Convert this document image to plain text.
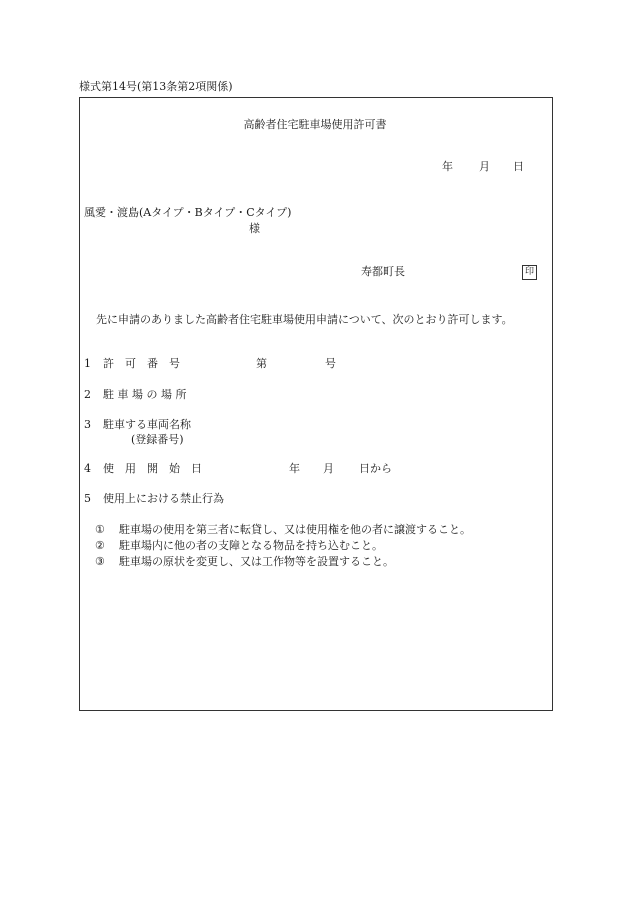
様式第14号(第13条第2項関係)
高齢者住宅駐車場使用許可書
年 月 日
風愛・渡島(Aタイプ・Bタイプ・Cタイプ)
様
寿都町長	印
先に申請のありました高齢者住宅駐車場使用申請について、次のとおり許可します。
1 許　可　番　号	第	号
2 駐 車 場 の 場 所
3 駐車する車両名称
(登録番号)
4 使　用　開　始　日	年 月 日から
5 使用上における禁止行為
① 駐車場の使用を第三者に転貸し、又は使用権を他の者に譲渡すること。
② 駐車場内に他の者の支障となる物品を持ち込むこと。
③ 駐車場の原状を変更し、又は工作物等を設置すること。
